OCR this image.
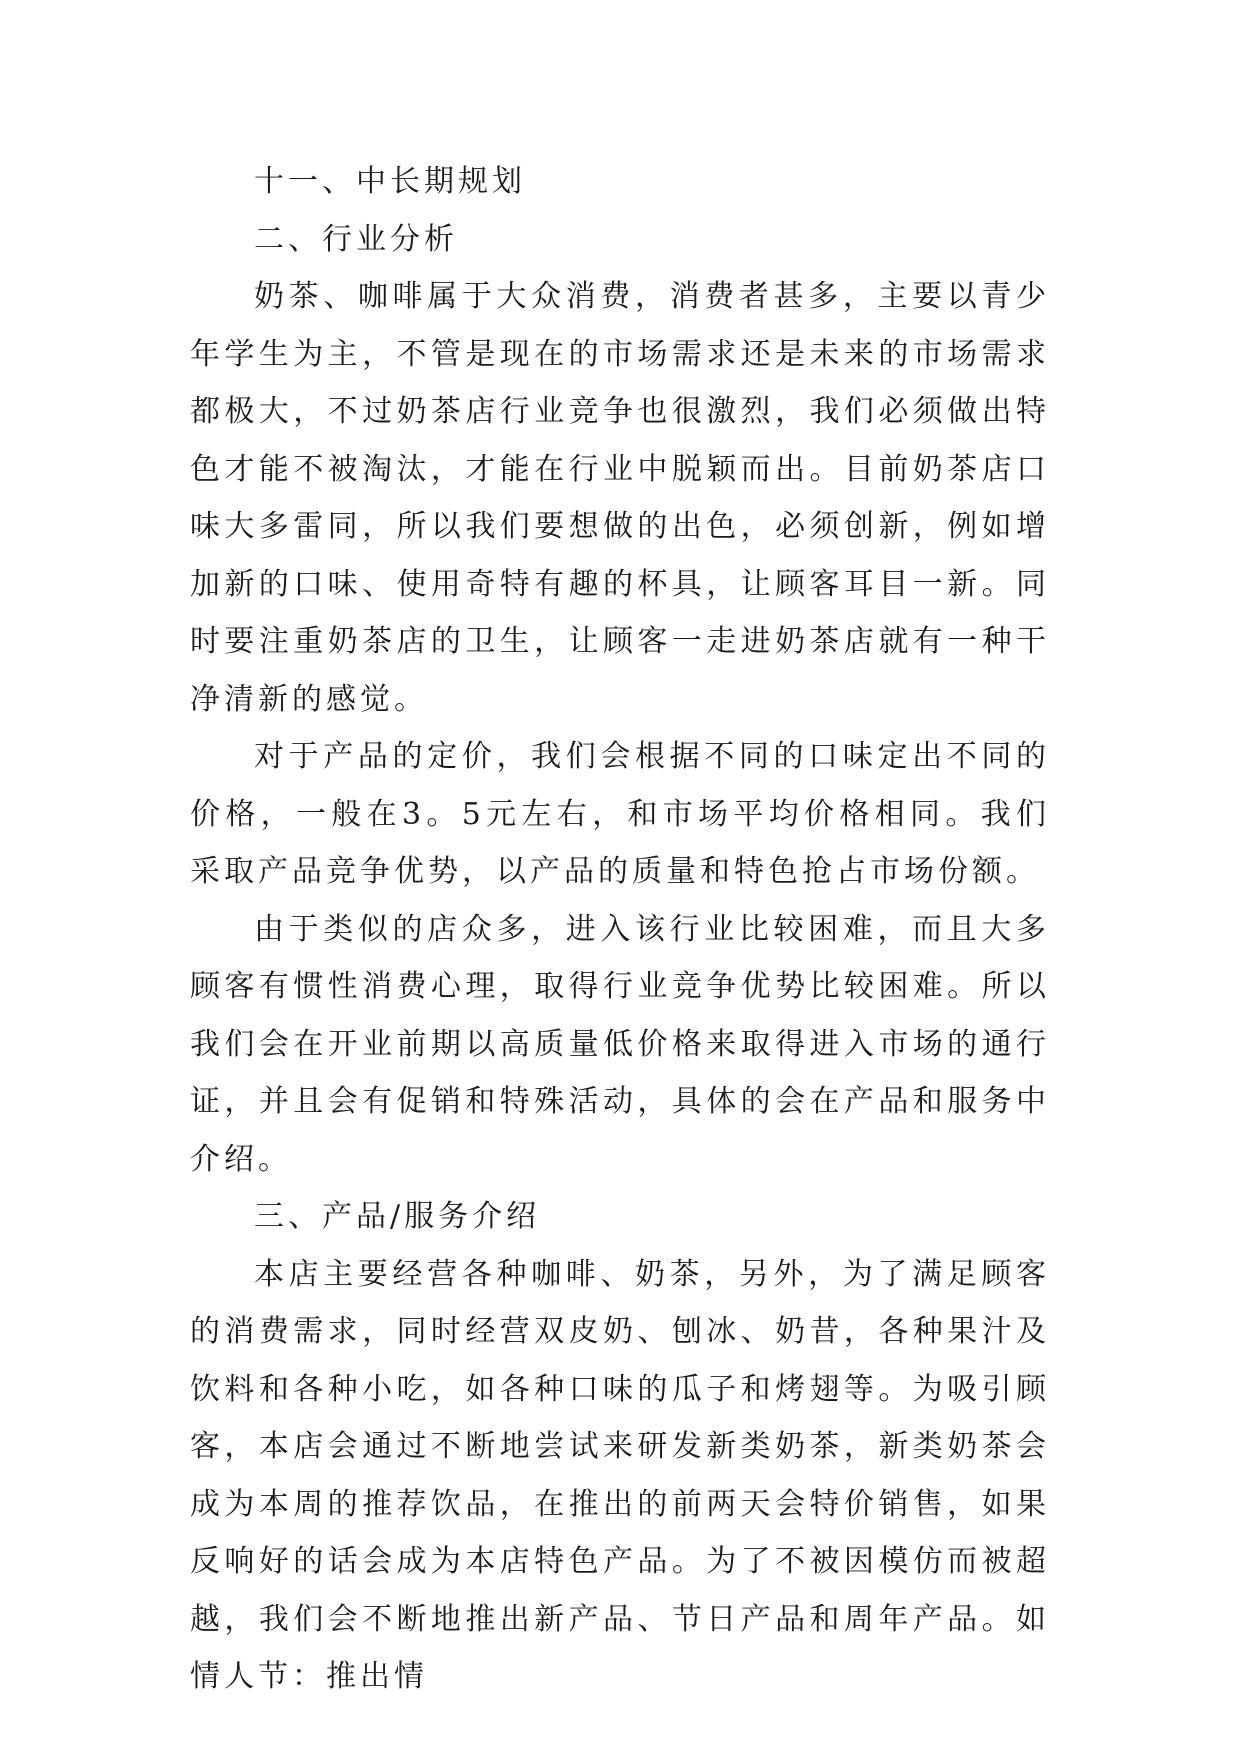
十一、中长期规划

二、行业分析

奶茶、咖啡属于大众消费，消费者甚多，主要以青少年学生为主，不管是现在的市场需求还是未来的市场需求都极大，不过奶茶店行业竞争也很激烈，我们必须做出特色才能不被淘汰，才能在行业中脱颖而出。目前奶茶店口味大多雷同，所以我们要想做的出色，必须创新，例如增加新的口味、使用奇特有趣的杯具，让顾客耳目一新。同时要注重奶茶店的卫生，让顾客一走进奶茶店就有一种干净清新的感觉。

对于产品的定价，我们会根据不同的口味定出不同的价格，一般在3。5元左右，和市场平均价格相同。我们采取产品竞争优势，以产品的质量和特色抢占市场份额。

由于类似的店众多，进入该行业比较困难，而且大多顾客有惯性消费心理，取得行业竞争优势比较困难。所以我们会在开业前期以高质量低价格来取得进入市场的通行证，并且会有促销和特殊活动，具体的会在产品和服务中介绍。

三、产品/服务介绍

本店主要经营各种咖啡、奶茶，另外，为了满足顾客的消费需求，同时经营双皮奶、刨冰、奶昔，各种果汁及饮料和各种小吃，如各种口味的瓜子和烤翅等。为吸引顾客，本店会通过不断地尝试来研发新类奶茶，新类奶茶会成为本周的推荐饮品，在推出的前两天会特价销售，如果反响好的话会成为本店特色产品。为了不被因模仿而被超越，我们会不断地推出新产品、节日产品和周年产品。如情人节：推出情
